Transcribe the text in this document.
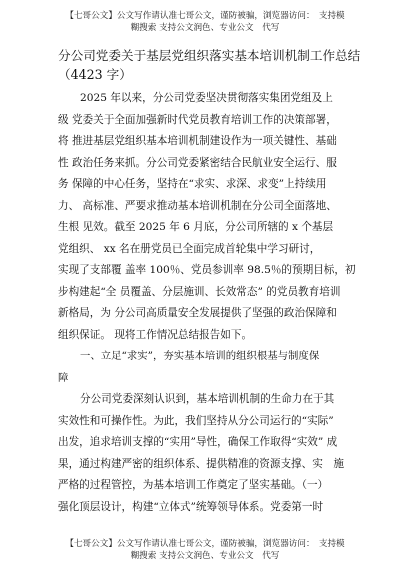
【七哥公文】公文写作请认准七哥公文，谨防被骗，浏览器访问：　支持模
糊搜索 支持公文润色、专业公文　代写
分公司党委关于基层党组织落实基本培训机制工作总结
（4423 字）
2025 年以来，分公司党委坚决贯彻落实集团党组及上
级 党委关于全面加强新时代党员教育培训工作的决策部署，
将 推进基层党组织基本培训机制建设作为一项关键性、基础
性 政治任务来抓。分公司党委紧密结合民航业安全运行、服
务 保障的中心任务，坚持在“求实、求深、求变”上持续用
力、 高标准、严要求推动基本培训机制在分公司全面落地、
生根 见效。截至 2025 年 6 月底，分公司所辖的 x 个基层
党组织、 xx 名在册党员已全面完成首轮集中学习研讨，
实现了支部覆 盖率 100％、党员参训率 98.5％的预期目标，初
步构建起“全 员覆盖、分层施训、长效常态” 的党员教育培训
新格局，为 分公司高质量安全发展提供了坚强的政治保障和
组织保证。 现将工作情况总结报告如下。
一、立足“求实”，夯实基本培训的组织根基与制度保
障
分公司党委深刻认识到，基本培训机制的生命力在于其
实效性和可操作性。为此，我们坚持从分公司运行的“实际”
出发，追求培训支撑的“实用”导性，确保工作取得“实效” 成
果，通过构建严密的组织体系、提供精准的资源支撑、实　施
严格的过程管控，为基本培训工作奠定了坚实基础。（一）
强化顶层设计，构建“立体式”统筹领导体系。党委第一时
【七哥公文】公文写作请认准七哥公文，谨防被骗，浏览器访问：　支持模
糊搜索 支持公文润色、专业公文　代写
